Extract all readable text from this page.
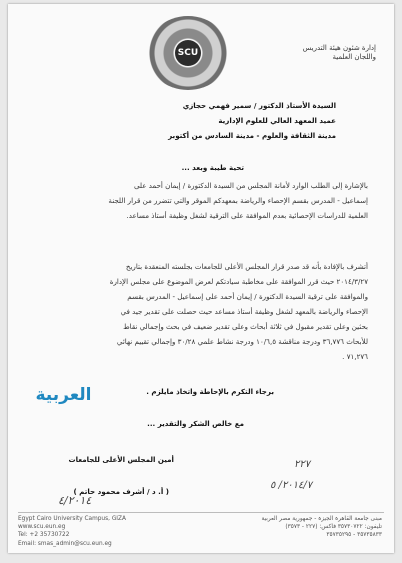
SCU	إدارة شئون هيئة التدريس
واللجان العلمية
السيدة الأستاذ الدكتور / سمير فهمي حجازي
عميد المعهد العالي للعلوم الإدارية
مدينة الثقافة والعلوم - مدينة السادس من أكتوبر
تحية طيبة وبعد ...
بالإشارة إلى الطلب الوارد لأمانة المجلس من السيدة الدكتورة / إيمان أحمد على
إسماعيل - المدرس بقسم الإحصاء والرياضة بمعهدكم الموقر والتي تتضرر من قرار اللجنة
العلمية للدراسات الإحصائية بعدم الموافقة على الترقية لشغل وظيفة أستاذ مساعد.
أتشرف بالإفادة بأنه قد صدر قرار المجلس الأعلى للجامعات بجلسته المنعقدة بتاريخ
٢٠١٤/٣/٢٧ حيث قرر الموافقة على مخاطبة سيادتكم لعرض الموضوع على مجلس الإدارة
والموافقة على ترقية السيدة الدكتورة / إيمان أحمد على إسماعيل - المدرس بقسم
الإحصاء والرياضة بالمعهد لشغل وظيفة أستاذ مساعد حيث حصلت على تقدير جيد في
بحثين وعلى تقدير مقبول في ثلاثة أبحاث وعلى تقدير ضعيف في بحث وإجمالي نقاط
للأبحاث ٣٦,٧٧٦ ودرجة مناقشة ١٠/٦,٥ ودرجة نشاط علمي ٣٠/٢٨ وإجمالي تقييم نهائي
٧١,٢٧٦ .
العربية	برجاء التكرم بالإحاطة واتخاذ مايلزم .
مع خالص الشكر والتقدير ...
أمين المجلس الأعلى للجامعات
( أ. د / أشرف محمود حاتم )
٤/٢٠١٤
٢٢٧
٢٠١٤/٧/ ٥
Egypt Cairo University Campus, GIZA
www.scu.eun.eg
Tel: +2 35730722
Email: smas_admin@scu.eun.eg
مبنى جامعة القاهرة الجيزة - جمهورية مصر العربية
تليفون: ٣٥٧٣٠٧٢٢ فاكس: (٢٢٧ - ٣٥٧٣)
٣٥٧٣٥٨٣٣ - ٣٥٧٣٥٢٩٥
